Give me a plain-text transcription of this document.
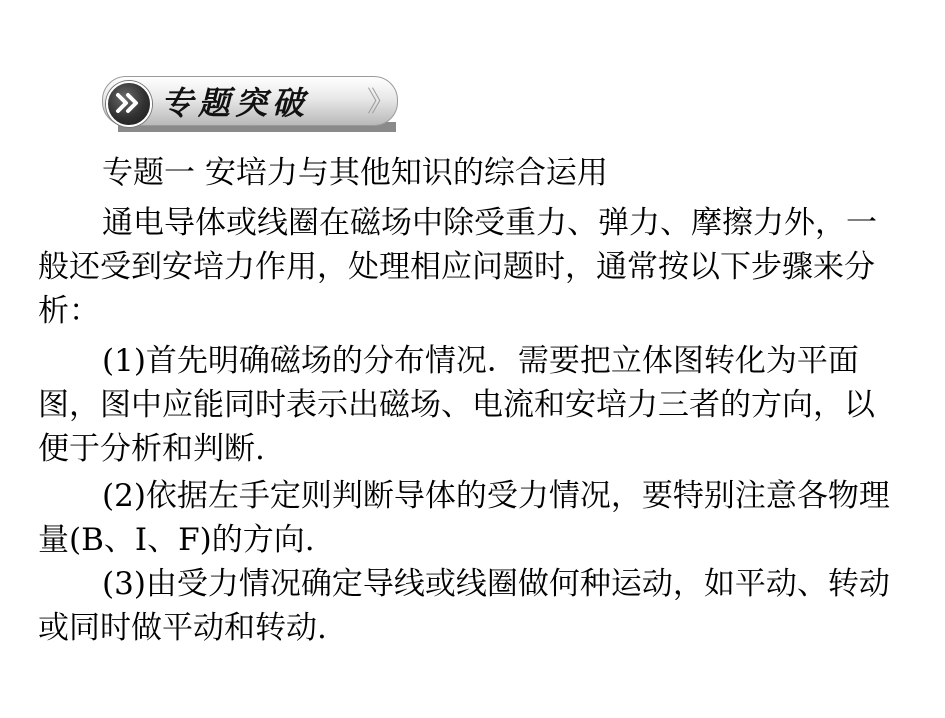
专题突破 》
专题一 安培力与其他知识的综合运用
通电导体或线圈在磁场中除受重力、弹力、摩擦力外，一
般还受到安培力作用，处理相应问题时，通常按以下步骤来分
析：
(1)首先明确磁场的分布情况．需要把立体图转化为平面
图，图中应能同时表示出磁场、电流和安培力三者的方向，以
便于分析和判断.
(2)依据左手定则判断导体的受力情况，要特别注意各物理
量(B、I、F)的方向.
(3)由受力情况确定导线或线圈做何种运动，如平动、转动
或同时做平动和转动.
